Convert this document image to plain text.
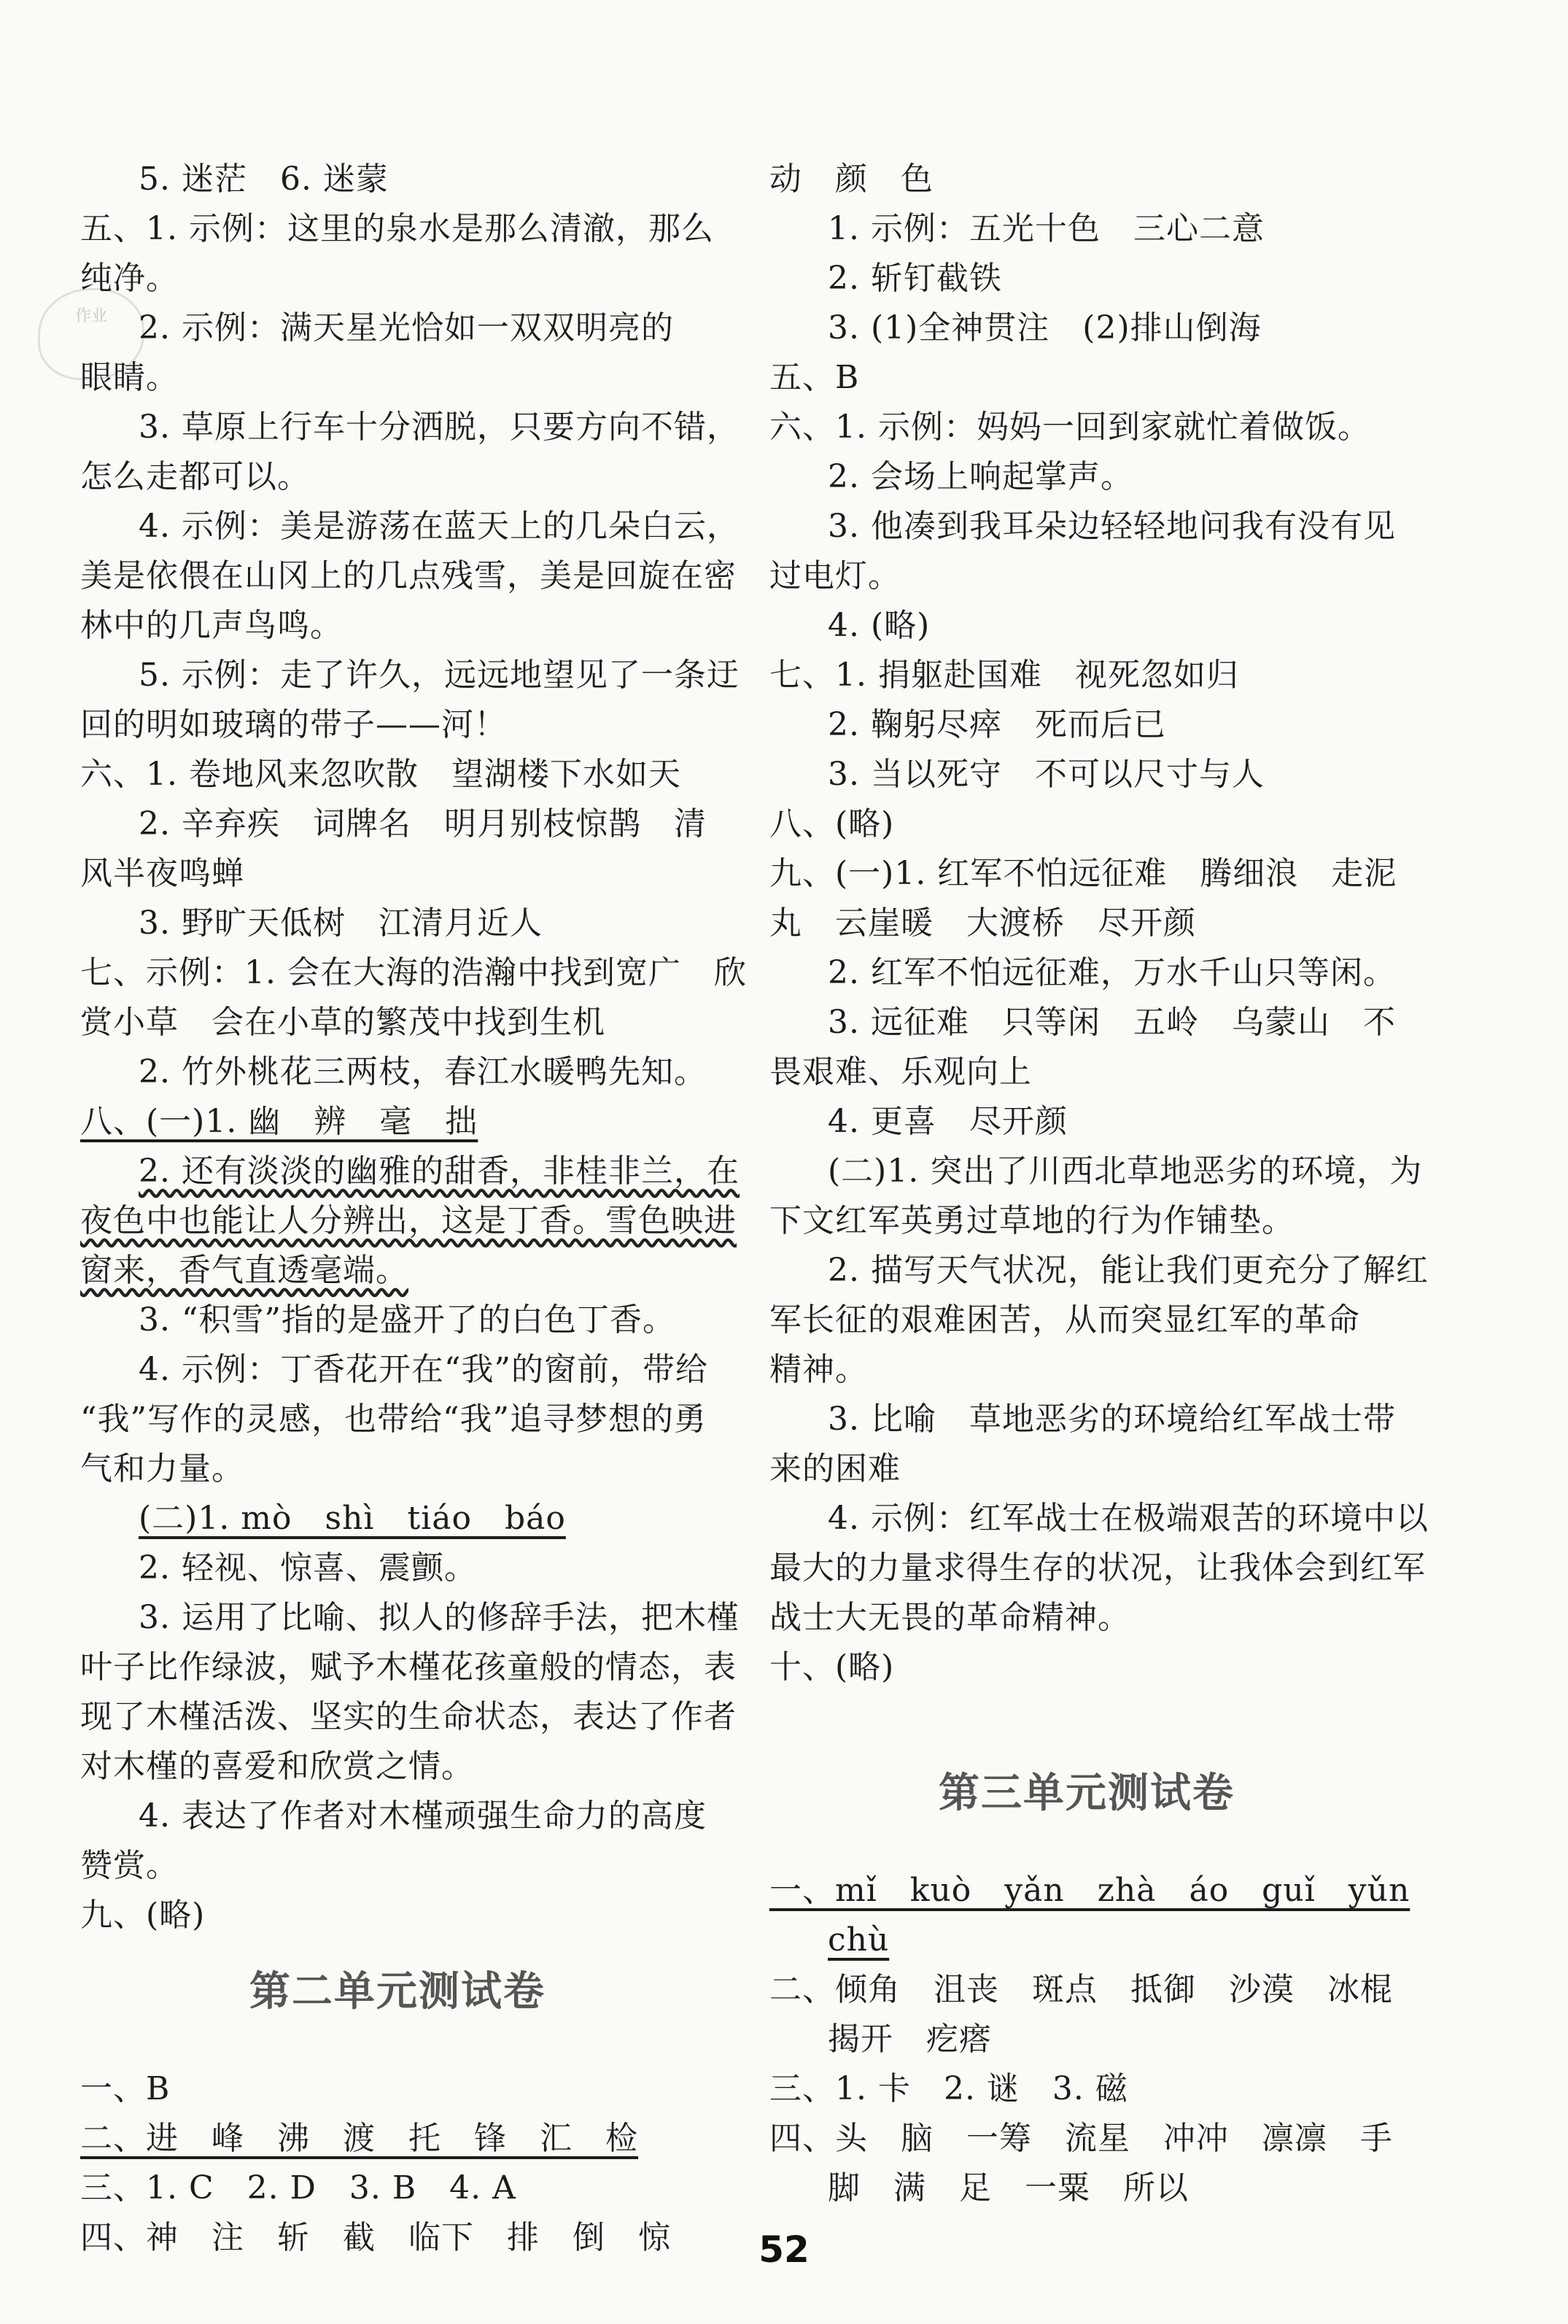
作业
5. 迷茫　6. 迷蒙
五、1. 示例：这里的泉水是那么清澈，那么
纯净。
2. 示例：满天星光恰如一双双明亮的
眼睛。
3. 草原上行车十分洒脱，只要方向不错，
怎么走都可以。
4. 示例：美是游荡在蓝天上的几朵白云，
美是依偎在山冈上的几点残雪，美是回旋在密
林中的几声鸟鸣。
5. 示例：走了许久，远远地望见了一条迂
回的明如玻璃的带子——河！
六、1. 卷地风来忽吹散　望湖楼下水如天
2. 辛弃疾　词牌名　明月别枝惊鹊　清
风半夜鸣蝉
3. 野旷天低树　江清月近人
七、示例：1. 会在大海的浩瀚中找到宽广　欣
赏小草　会在小草的繁茂中找到生机
2. 竹外桃花三两枝，春江水暖鸭先知。
八、(一)1. 幽　辨　毫　拙
2. 还有淡淡的幽雅的甜香，非桂非兰，在
夜色中也能让人分辨出，这是丁香。雪色映进
窗来，香气直透毫端。
3. “积雪”指的是盛开了的白色丁香。
4. 示例：丁香花开在“我”的窗前，带给
“我”写作的灵感，也带给“我”追寻梦想的勇
气和力量。
(二)1. mò　shì　tiáo　báo
2. 轻视、惊喜、震颤。
3. 运用了比喻、拟人的修辞手法，把木槿
叶子比作绿波，赋予木槿花孩童般的情态，表
现了木槿活泼、坚实的生命状态，表达了作者
对木槿的喜爱和欣赏之情。
4. 表达了作者对木槿顽强生命力的高度
赞赏。
九、(略)
第二单元测试卷
一、B
二、进　峰　沸　渡　托　锋　汇　检
三、1. C　2. D　3. B　4. A
四、神　注　斩　截　临下　排　倒　惊
动　颜　色
1. 示例：五光十色　三心二意
2. 斩钉截铁
3. (1)全神贯注　(2)排山倒海
五、B
六、1. 示例：妈妈一回到家就忙着做饭。
2. 会场上响起掌声。
3. 他凑到我耳朵边轻轻地问我有没有见
过电灯。
4. (略)
七、1. 捐躯赴国难　视死忽如归
2. 鞠躬尽瘁　死而后已
3. 当以死守　不可以尺寸与人
八、(略)
九、(一)1. 红军不怕远征难　腾细浪　走泥
丸　云崖暖　大渡桥　尽开颜
2. 红军不怕远征难，万水千山只等闲。
3. 远征难　只等闲　五岭　乌蒙山　不
畏艰难、乐观向上
4. 更喜　尽开颜
(二)1. 突出了川西北草地恶劣的环境，为
下文红军英勇过草地的行为作铺垫。
2. 描写天气状况，能让我们更充分了解红
军长征的艰难困苦，从而突显红军的革命
精神。
3. 比喻　草地恶劣的环境给红军战士带
来的困难
4. 示例：红军战士在极端艰苦的环境中以
最大的力量求得生存的状况，让我体会到红军
战士大无畏的革命精神。
十、(略)
第三单元测试卷
一、mǐ　kuò　yǎn　zhà　áo　guǐ　yǔn
chù
二、倾角　沮丧　斑点　抵御　沙漠　冰棍
揭开　疙瘩
三、1. 卡　2. 谜　3. 磁
四、头　脑　一筹　流星　冲冲　凛凛　手
脚　满　足　一粟　所以
52
